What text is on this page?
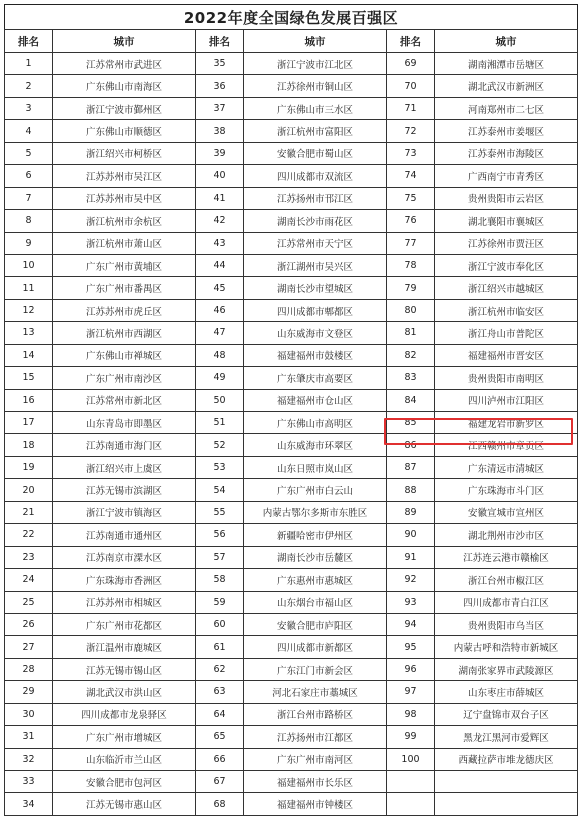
2022年度全国绿色发展百强区
排名	城市	排名	城市	排名	城市
1	江苏常州市武进区	35	浙江宁波市江北区	69	湖南湘潭市岳塘区
2	广东佛山市南海区	36	江苏徐州市铜山区	70	湖北武汉市新洲区
3	浙江宁波市鄞州区	37	广东佛山市三水区	71	河南郑州市二七区
4	广东佛山市顺德区	38	浙江杭州市富阳区	72	江苏泰州市姜堰区
5	浙江绍兴市柯桥区	39	安徽合肥市蜀山区	73	江苏泰州市海陵区
6	江苏苏州市吴江区	40	四川成都市双流区	74	广西南宁市青秀区
7	江苏苏州市吴中区	41	江苏扬州市邗江区	75	贵州贵阳市云岩区
8	浙江杭州市余杭区	42	湖南长沙市雨花区	76	湖北襄阳市襄城区
9	浙江杭州市萧山区	43	江苏常州市天宁区	77	江苏徐州市贾汪区
10	广东广州市黄埔区	44	浙江湖州市吴兴区	78	浙江宁波市奉化区
11	广东广州市番禺区	45	湖南长沙市望城区	79	浙江绍兴市越城区
12	江苏苏州市虎丘区	46	四川成都市郫都区	80	浙江杭州市临安区
13	浙江杭州市西湖区	47	山东威海市文登区	81	浙江舟山市普陀区
14	广东佛山市禅城区	48	福建福州市鼓楼区	82	福建福州市晋安区
15	广东广州市南沙区	49	广东肇庆市高要区	83	贵州贵阳市南明区
16	江苏常州市新北区	50	福建福州市仓山区	84	四川泸州市江阳区
17	山东青岛市即墨区	51	广东佛山市高明区	85	福建龙岩市新罗区
18	江苏南通市海门区	52	山东威海市环翠区	86	江西赣州市章贡区
19	浙江绍兴市上虞区	53	山东日照市岚山区	87	广东清远市清城区
20	江苏无锡市滨湖区	54	广东广州市白云山	88	广东珠海市斗门区
21	浙江宁波市镇海区	55	内蒙古鄂尔多斯市东胜区	89	安徽宣城市宣州区
22	江苏南通市通州区	56	新疆哈密市伊州区	90	湖北荆州市沙市区
23	江苏南京市溧水区	57	湖南长沙市岳麓区	91	江苏连云港市赣榆区
24	广东珠海市香洲区	58	广东惠州市惠城区	92	浙江台州市椒江区
25	江苏苏州市相城区	59	山东烟台市福山区	93	四川成都市青白江区
26	广东广州市花都区	60	安徽合肥市庐阳区	94	贵州贵阳市乌当区
27	浙江温州市鹿城区	61	四川成都市新都区	95	内蒙古呼和浩特市新城区
28	江苏无锡市锡山区	62	广东江门市新会区	96	湖南张家界市武陵源区
29	湖北武汉市洪山区	63	河北石家庄市藁城区	97	山东枣庄市薛城区
30	四川成都市龙泉驿区	64	浙江台州市路桥区	98	辽宁盘锦市双台子区
31	广东广州市增城区	65	江苏扬州市江都区	99	黑龙江黑河市爱辉区
32	山东临沂市兰山区	66	广东广州市南河区	100	西藏拉萨市堆龙德庆区
33	安徽合肥市包河区	67	福建福州市长乐区		
34	江苏无锡市惠山区	68	福建福州市钟楼区		
